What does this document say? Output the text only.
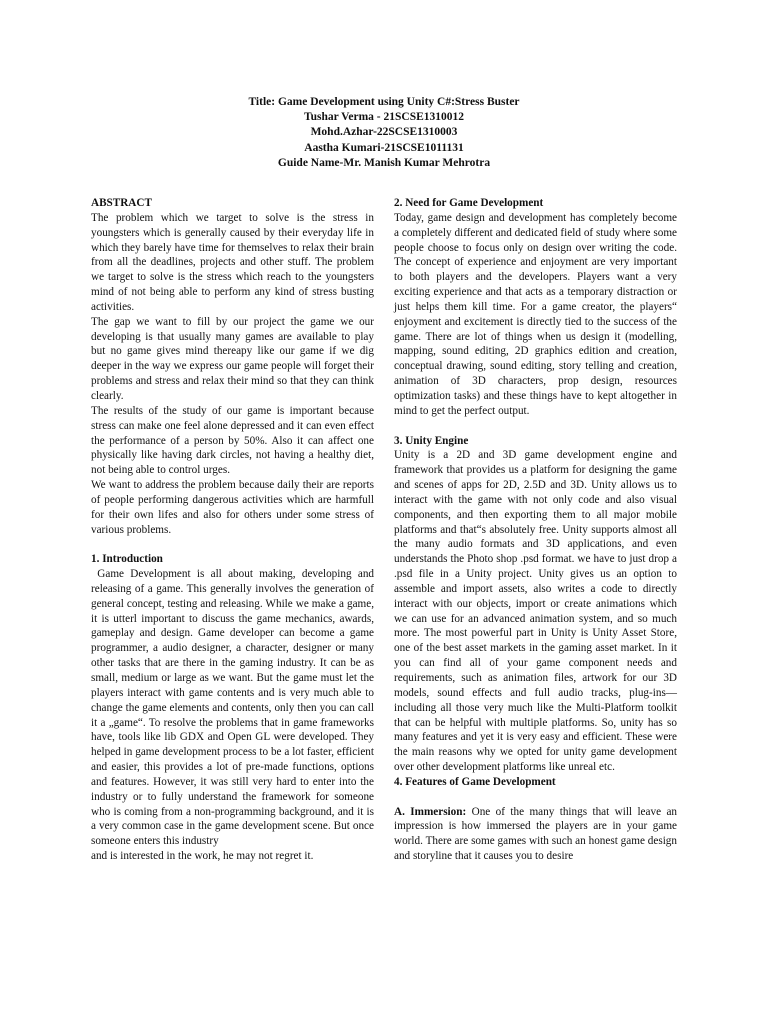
Title: Game Development using Unity C#:Stress Buster
Tushar Verma - 21SCSE1310012
Mohd.Azhar-22SCSE1310003
Aastha Kumari-21SCSE1011131
Guide Name-Mr. Manish Kumar Mehrotra

ABSTRACT

The problem which we target to solve is the stress in youngsters which is generally caused by their everyday life in which they barely have time for themselves to relax their brain from all the deadlines, projects and other stuff. The problem we target to solve is the stress which reach to the youngsters mind of not being able to perform any kind of stress busting activities.

The gap we want to fill by our project the game we our developing is that usually many games are available to play but no game gives mind thereapy like our game if we dig deeper in the way we express our game people will forget their problems and stress and relax their mind so that they can think clearly.

The results of the study of our game is important because stress can make one feel alone depressed and it can even effect the performance of a person by 50%. Also it can affect one physically like having dark circles, not having a healthy diet, not being able to control urges.

We want to address the problem because daily their are reports of people performing dangerous activities which are harmfull for their own lifes and also for others under some stress of various problems.

1. Introduction

Game Development is all about making, developing and releasing of a game. This generally involves the generation of general concept, testing and releasing. While we make a game, it is utterl important to discuss the game mechanics, awards, gameplay and design. Game developer can become a game programmer, a audio designer, a character, designer or many other tasks that are there in the gaming industry. It can be as small, medium or large as we want. But the game must let the players interact with game contents and is very much able to change the game elements and contents, only then you can call it a „game“. To resolve the problems that in game frameworks have, tools like lib GDX and Open GL were developed. They helped in game development process to be a lot faster, efficient and easier, this provides a lot of pre-made functions, options and features. However, it was still very hard to enter into the industry or to fully understand the framework for someone who is coming from a non-programming background, and it is a very common case in the game development scene. But once someone enters this industry

and is interested in the work, he may not regret it.

2. Need for Game Development

Today, game design and development has completely become a completely different and dedicated field of study where some people choose to focus only on design over writing the code. The concept of experience and enjoyment are very important to both players and the developers. Players want a very exciting experience and that acts as a temporary distraction or just helps them kill time. For a game creator, the players“ enjoyment and excitement is directly tied to the success of the game. There are lot of things when us design it (modelling, mapping, sound editing, 2D graphics edition and creation, conceptual drawing, sound editing, story telling and creation, animation of 3D characters, prop design, resources optimization tasks) and these things have to kept altogether in mind to get the perfect output.

3. Unity Engine

Unity is a 2D and 3D game development engine and framework that provides us a platform for designing the game and scenes of apps for 2D, 2.5D and 3D. Unity allows us to interact with the game with not only code and also visual components, and then exporting them to all major mobile platforms and that“s absolutely free. Unity supports almost all the many audio formats and 3D applications, and even understands the Photo shop .psd format. we have to just drop a .psd file in a Unity project. Unity gives us an option to assemble and import assets, also writes a code to directly interact with our objects, import or create animations which we can use for an advanced animation system, and so much more. The most powerful part in Unity is Unity Asset Store, one of the best asset markets in the gaming asset market. In it you can find all of your game component needs and requirements, such as animation files, artwork for our 3D models, sound effects and full audio tracks, plug-ins—including all those very much like the Multi-Platform toolkit that can be helpful with multiple platforms. So, unity has so many features and yet it is very easy and efficient. These were the main reasons why we opted for unity game development over other development platforms like unreal etc.

4. Features of Game Development

A. Immersion: One of the many things that will leave an impression is how immersed the players are in your game world. There are some games with such an honest game design and storyline that it causes you to desire
